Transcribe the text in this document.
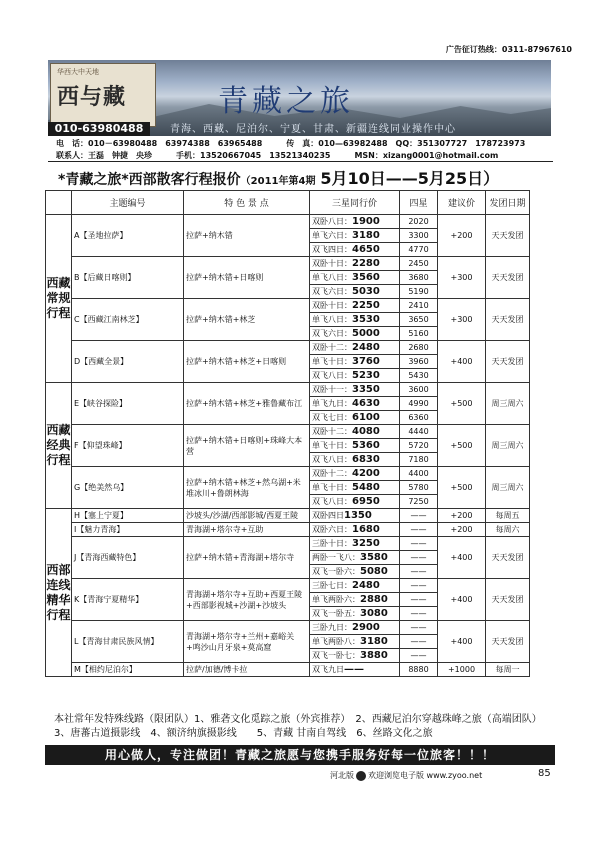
广告征订热线：0311-87967610
华西大中天地
西与藏	青藏之旅
青海、西藏、尼泊尔、宁夏、甘肃、新疆连线同业操作中心
010-63980488
电　话：010－63980488　63974388　63965488　　　传　真：010—63982488　QQ：351307727　178723973
联系人：王磊　钟捷　央珍　　　手机：13520667045　13521340235　　　MSN：xizang0001@hotmail.com
*青藏之旅*西部散客行程报价（2011年第4期 5月10日——5月25日）
	主题编号	特 色 景 点	三星同行价	四星	建议价	发团日期
西藏常规行程	A【圣地拉萨】	拉萨+纳木错	双卧八日：1900	2020	+200	天天发团
			单飞六日：3180	3300		
			双飞四日：4650	4770		
	B【后藏日喀则】	拉萨+纳木错+日喀则	双卧十日：2280	2450	+300	天天发团
			单飞八日：3560	3680		
			双飞六日：5030	5190		
	C【西藏江南林芝】	拉萨+纳木错+林芝	双卧十日：2250	2410	+300	天天发团
			单飞八日：3530	3650		
			双飞六日：5000	5160		
	D【西藏全景】	拉萨+纳木错+林芝+日喀则	双卧十二：2480	2680	+400	天天发团
			单飞十日：3760	3960		
			双飞八日：5230	5430		
西藏经典行程	E【峡谷探险】	拉萨+纳木错+林芝+雅鲁藏布江	双卧十一：3350	3600	+500	周三周六
			单飞九日：4630	4990		
			双飞七日：6100	6360		
	F【仰望珠峰】	拉萨+纳木错+日喀则+珠峰大本营	双卧十二：4080	4440	+500	周三周六
			单飞十日：5360	5720		
			双飞八日：6830	7180		
	G【绝美然乌】	拉萨+纳木错+林芝+然乌湖+米堆冰川+鲁朗林海	双卧十二：4200	4400	+500	周三周六
			单飞十日：5480	5780		
			双飞八日：6950	7250		
西部连线精华行程	H【塞上宁夏】	沙坡头/沙湖/西部影城/西夏王陵	双卧四日1350	——	+200	每周五
	I【魅力青海】	青海湖+塔尔寺+互助	双卧六日：1680	——	+200	每周六
	J【青海西藏特色】	拉萨+纳木错+青海湖+塔尔寺	三卧十日：3250	——	+400	天天发团
			两卧一飞八：3580	——		
			双飞一卧六：5080	——		
	K【青海宁夏精华】	青海湖+塔尔寺+互助+西夏王陵+西部影视城+沙湖+沙坡头	三卧七日：2480	——	+400	天天发团
			单飞两卧六：2880	——		
			双飞一卧五：3080	——		
	L【青海甘肃民族风情】	青海湖+塔尔寺+兰州+嘉峪关+鸣沙山月牙泉+莫高窟	三卧九日：2900	——	+400	天天发团
			单飞两卧八：3180	——		
			双飞一卧七：3880	——		
	M【相约尼泊尔】	拉萨/加德/博卡拉	双飞九日——	8880	+1000	每周一
本社常年发特殊线路（限团队）1、雅砻文化觅踪之旅（外宾推荐）　2、西藏尼泊尔穿越珠峰之旅（高端团队）　3、唐蕃古道摄影线　4、额济纳旗摄影线　　5、青藏 甘南自驾线　6、丝路文化之旅
用心做人，专注做团！青藏之旅愿与您携手服务好每一位旅客！！！
河北版 欢迎浏览电子版 www.zyoo.net	85
